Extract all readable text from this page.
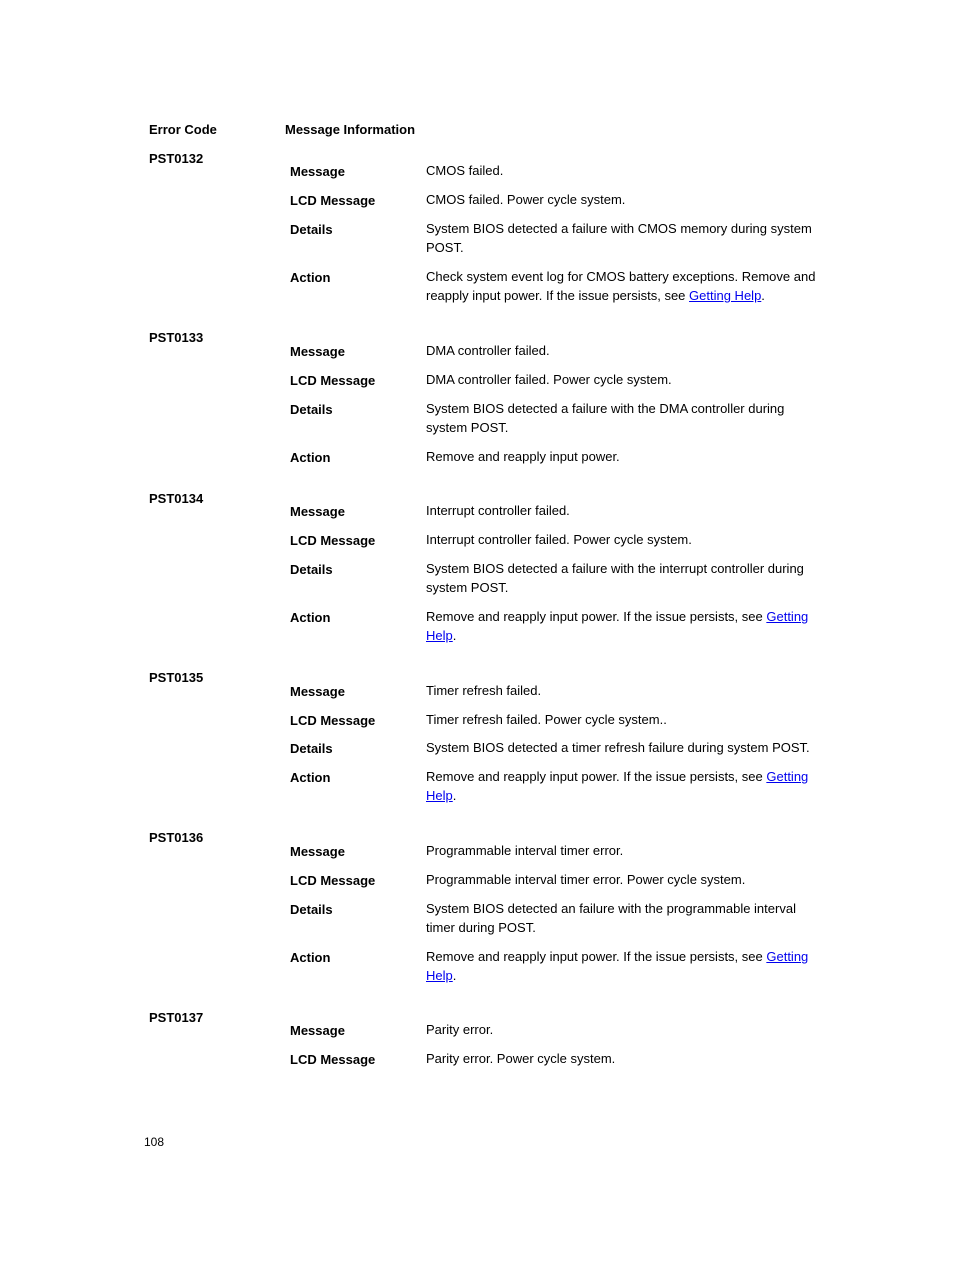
Error Code	Message Information
PST0132
Message	CMOS failed.
LCD Message	CMOS failed. Power cycle system.
Details	System BIOS detected a failure with CMOS memory during system
POST.
Action	Check system event log for CMOS battery exceptions. Remove and
reapply input power. If the issue persists, see Getting Help.
PST0133
Message	DMA controller failed.
LCD Message	DMA controller failed. Power cycle system.
Details	System BIOS detected a failure with the DMA controller during
system POST.
Action	Remove and reapply input power.
PST0134
Message	Interrupt controller failed.
LCD Message	Interrupt controller failed. Power cycle system.
Details	System BIOS detected a failure with the interrupt controller during
system POST.
Action	Remove and reapply input power. If the issue persists, see Getting
Help.
PST0135
Message	Timer refresh failed.
LCD Message	Timer refresh failed. Power cycle system..
Details	System BIOS detected a timer refresh failure during system POST.
Action	Remove and reapply input power. If the issue persists, see Getting
Help.
PST0136
Message	Programmable interval timer error.
LCD Message	Programmable interval timer error. Power cycle system.
Details	System BIOS detected an failure with the programmable interval
timer during POST.
Action	Remove and reapply input power. If the issue persists, see Getting
Help.
PST0137
Message	Parity error.
LCD Message	Parity error. Power cycle system.
108
